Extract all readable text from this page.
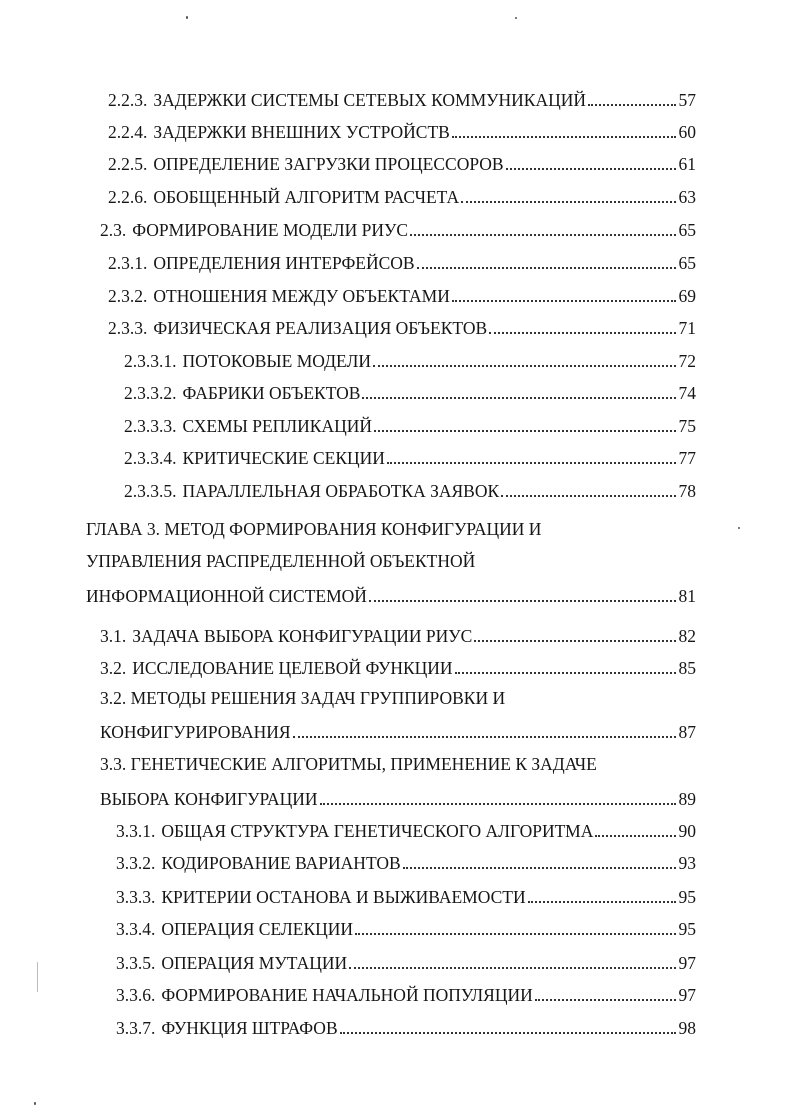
2.2.3. ЗАДЕРЖКИ СИСТЕМЫ СЕТЕВЫХ КОММУНИКАЦИЙ	57
2.2.4. ЗАДЕРЖКИ ВНЕШНИХ УСТРОЙСТВ	60
2.2.5. ОПРЕДЕЛЕНИЕ ЗАГРУЗКИ ПРОЦЕССОРОВ	61
2.2.6. ОБОБЩЕННЫЙ АЛГОРИТМ РАСЧЕТА	63
2.3. ФОРМИРОВАНИЕ МОДЕЛИ РИУС	65
2.3.1. ОПРЕДЕЛЕНИЯ ИНТЕРФЕЙСОВ	65
2.3.2. ОТНОШЕНИЯ МЕЖДУ ОБЪЕКТАМИ	69
2.3.3. ФИЗИЧЕСКАЯ РЕАЛИЗАЦИЯ ОБЪЕКТОВ	71
2.3.3.1. ПОТОКОВЫЕ МОДЕЛИ	72
2.3.3.2. ФАБРИКИ ОБЪЕКТОВ	74
2.3.3.3. СХЕМЫ РЕПЛИКАЦИЙ	75
2.3.3.4. КРИТИЧЕСКИЕ СЕКЦИИ	77
2.3.3.5. ПАРАЛЛЕЛЬНАЯ ОБРАБОТКА ЗАЯВОК	78
ГЛАВА 3. МЕТОД ФОРМИРОВАНИЯ КОНФИГУРАЦИИ И
УПРАВЛЕНИЯ РАСПРЕДЕЛЕННОЙ ОБЪЕКТНОЙ
ИНФОРМАЦИОННОЙ СИСТЕМОЙ	81
3.1. ЗАДАЧА ВЫБОРА КОНФИГУРАЦИИ РИУС	82
3.2. ИССЛЕДОВАНИЕ ЦЕЛЕВОЙ ФУНКЦИИ	85
3.2. МЕТОДЫ РЕШЕНИЯ ЗАДАЧ ГРУППИРОВКИ И
КОНФИГУРИРОВАНИЯ	87
3.3. ГЕНЕТИЧЕСКИЕ АЛГОРИТМЫ, ПРИМЕНЕНИЕ К ЗАДАЧЕ
ВЫБОРА КОНФИГУРАЦИИ	89
3.3.1. ОБЩАЯ СТРУКТУРА ГЕНЕТИЧЕСКОГО АЛГОРИТМА	90
3.3.2. КОДИРОВАНИЕ ВАРИАНТОВ	93
3.3.3. КРИТЕРИИ ОСТАНОВА И ВЫЖИВАЕМОСТИ	95
3.3.4. ОПЕРАЦИЯ СЕЛЕКЦИИ	95
3.3.5. ОПЕРАЦИЯ МУТАЦИИ	97
3.3.6. ФОРМИРОВАНИЕ НАЧАЛЬНОЙ ПОПУЛЯЦИИ	97
3.3.7. ФУНКЦИЯ ШТРАФОВ	98
